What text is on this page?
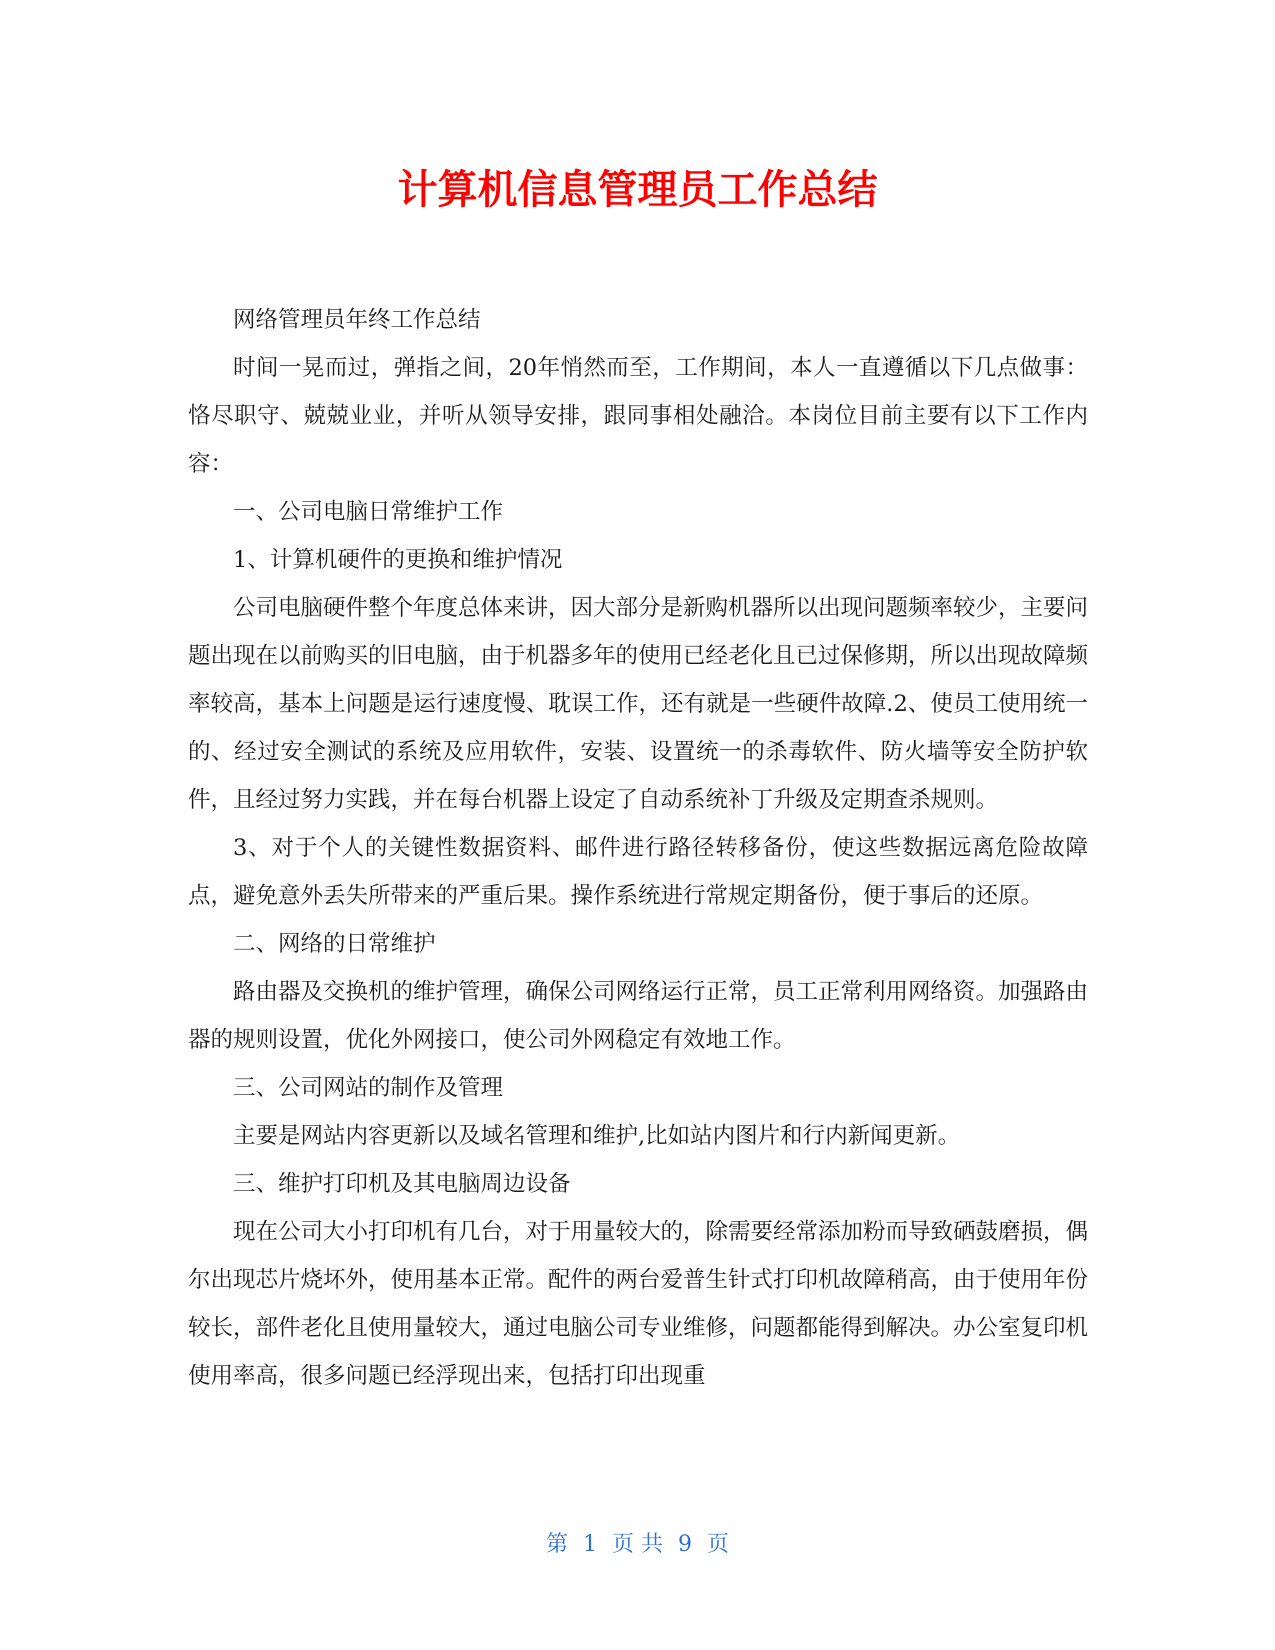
计算机信息管理员工作总结

网络管理员年终工作总结

时间一晃而过，弹指之间，20年悄然而至，工作期间，本人一直遵循以下几点做事：恪尽职守、兢兢业业，并听从领导安排，跟同事相处融洽。本岗位目前主要有以下工作内容：

一、公司电脑日常维护工作

1、计算机硬件的更换和维护情况

公司电脑硬件整个年度总体来讲，因大部分是新购机器所以出现问题频率较少，主要问题出现在以前购买的旧电脑，由于机器多年的使用已经老化且已过保修期，所以出现故障频率较高，基本上问题是运行速度慢、耽误工作，还有就是一些硬件故障.2、使员工使用统一的、经过安全测试的系统及应用软件，安装、设置统一的杀毒软件、防火墙等安全防护软件，且经过努力实践，并在每台机器上设定了自动系统补丁升级及定期查杀规则。

3、对于个人的关键性数据资料、邮件进行路径转移备份，使这些数据远离危险故障点，避免意外丢失所带来的严重后果。操作系统进行常规定期备份，便于事后的还原。

二、网络的日常维护

路由器及交换机的维护管理，确保公司网络运行正常，员工正常利用网络资。加强路由器的规则设置，优化外网接口，使公司外网稳定有效地工作。

三、公司网站的制作及管理

主要是网站内容更新以及域名管理和维护,比如站内图片和行内新闻更新。

三、维护打印机及其电脑周边设备

现在公司大小打印机有几台，对于用量较大的，除需要经常添加粉而导致硒鼓磨损，偶尔出现芯片烧坏外，使用基本正常。配件的两台爱普生针式打印机故障稍高，由于使用年份较长，部件老化且使用量较大，通过电脑公司专业维修，问题都能得到解决。办公室复印机使用率高，很多问题已经浮现出来，包括打印出现重

第 1 页 共 9 页
